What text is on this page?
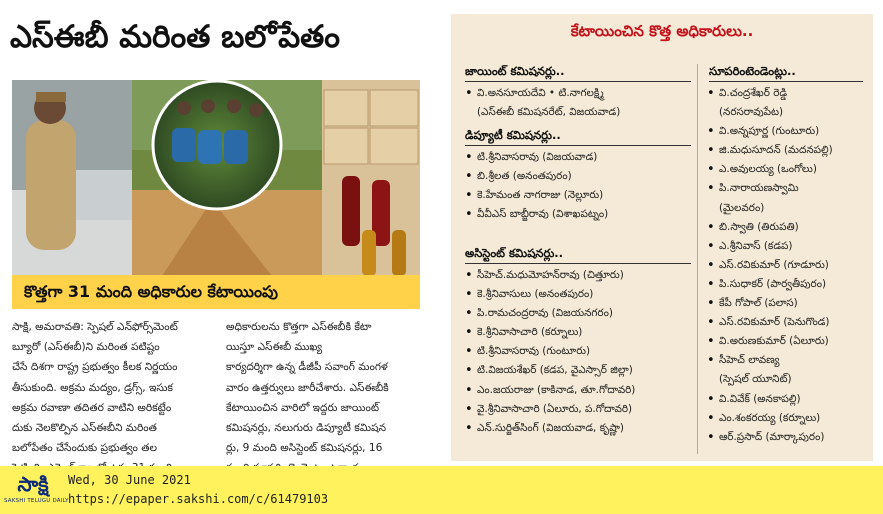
ఎస్ఈబీ మరింత బలోపేతం
కొత్తగా 31 మంది అధికారుల కేటాయింపు
సాక్షి, అమరావతి: స్పెషల్ ఎన్‌ఫోర్స్‌మెంట్
బ్యూరో (ఎస్ఈబీ)ని మరింత పటిష్టం
చేసే దిశగా రాష్ట్ర ప్రభుత్వం కీలక నిర్ణయం
తీసుకుంది. అక్రమ మద్యం, డ్రగ్స్, ఇసుక
అక్రమ రవాణా తదితర వాటిని అరికట్టేం
దుకు నెలకొల్పిన ఎస్ఈబీని మరింత
బలోపేతం చేసేందుకు ప్రభుత్వం తల
అధికారులను కొత్తగా ఎస్ఈబీకి కేటా
యిస్తూ ఎస్ఈబీ ముఖ్య
కార్యదర్శిగా ఉన్న డీజీపీ సవాంగ్ మంగళ
వారం ఉత్తర్వులు జారీచేశారు. ఎస్ఈబీకి
కేటాయించిన వారిలో ఇద్దరు జాయింట్
కమిషనర్లు, నలుగురు డిప్యూటీ కమిషన
ర్లు, 9 మంది అసిస్టెంట్ కమిషనర్లు, 16
కేటాయించిన కొత్త అధికారులు..
జాయింట్ కమిషనర్లు..
• వి.అనసూయదేవి • టి.నాగలక్ష్మి
(ఎస్ఈబీ కమిషనరేట్, విజయవాడ)
డిప్యూటీ కమిషనర్లు..
• టి.శ్రీనివాసరావు (విజయవాడ)
• బి.శ్రీలత (అనంతపురం)
• కె.హేమంత నాగరాజు (నెల్లూరు)
• వీవీఎస్ బాబ్జీరావు (విశాఖపట్నం)
అసిస్టెంట్ కమిషనర్లు..
• సీహెచ్.మధుమోహన్‌రావు (చిత్తూరు)
• కె.శ్రీనివాసులు (అనంతపురం)
• పి.రామచంద్రరావు (విజయనగరం)
• కె.శ్రీనివాసాచారి (కర్నూలు)
• టి.శ్రీనివాసరావు (గుంటూరు)
• టి.విజయశేఖర్ (కడప, వైఎస్సార్ జిల్లా)
• ఎం.జయరాజు (కాకినాడ, తూ.గోదావరి)
• వై.శ్రీనివాసాచారి (ఏలూరు, ప.గోదావరి)
• ఎన్.సుర్జిత్‌సింగ్ (విజయవాడ, కృష్ణా)
సూపరింటెండెంట్లు..
• వి.చంద్రశేఖర్ రెడ్డి
(నరసరావుపేట)
• వి.అన్నపూర్ణ (గుంటూరు)
• జి.మధుసూదన్ (మదనపల్లి)
• ఎ.అవులయ్య (ఒంగోలు)
• పి.నారాయణస్వామి
(మైలవరం)
• బి.స్వాతి (తిరుపతి)
• ఎ.శ్రీనివాస్ (కడప)
• ఎస్.రవికుమార్ (గూడూరు)
• పి.సుధాకర్ (పార్వతీపురం)
• కేపీ గోపాల్ (పలాస)
• ఎస్.రవికుమార్ (పెనుగొండ)
• వి.అరుణకుమార్ (ఏలూరు)
• సీహెచ్ లావణ్య
(స్పెషల్ యూనిట్)
• వి.వివేక్ (అనకాపల్లి)
• ఎం.శంకరయ్య (కర్నూలు)
• ఆర్.ప్రసాద్ (మార్కాపురం)
సాక్షి
SAKSHI TELUGU DAILY
Wed, 30 June 2021
https://epaper.sakshi.com/c/61479103
